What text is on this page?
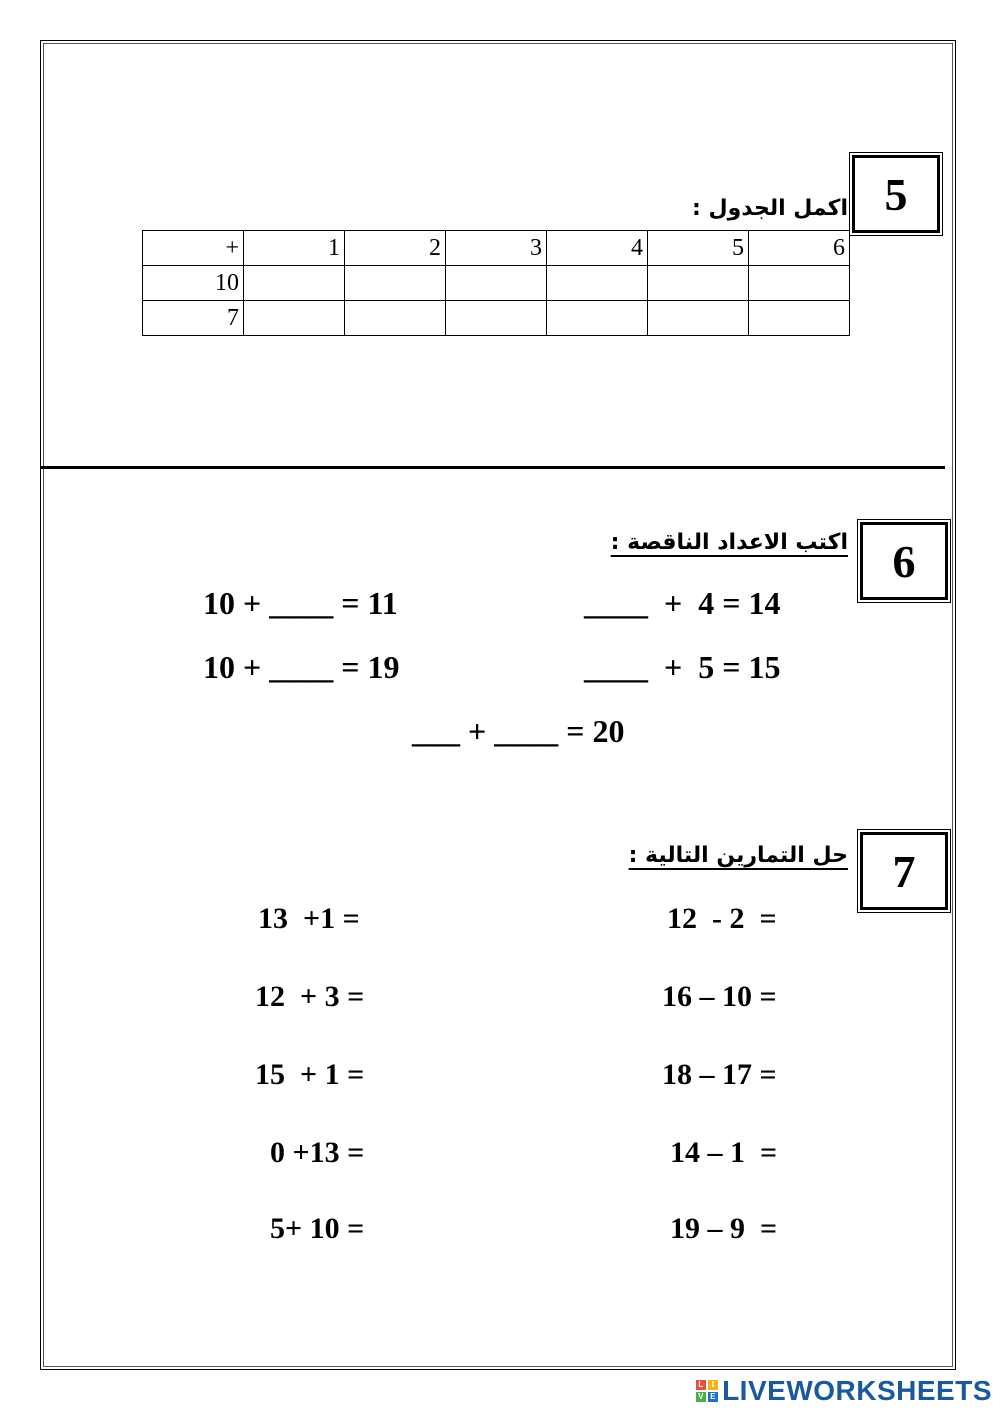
5
اكمل الجدول :
+	1	2	3	4	5	6
10						
7						
6
اكتب الاعداد الناقصة :
10 + ____ = 11
10 + ____ = 19
____  +  4 = 14
____  +  5 = 15
___ + ____ = 20
7
حل التمارين التالية :
13  +1 =
12  + 3 =
15  + 1 =
0 +13 =
5+ 10 =
12  - 2  =
16 – 10 =
18 – 17 =
14 – 1  =
19 – 9  =
L I
V E LIVEWORKSHEETS
